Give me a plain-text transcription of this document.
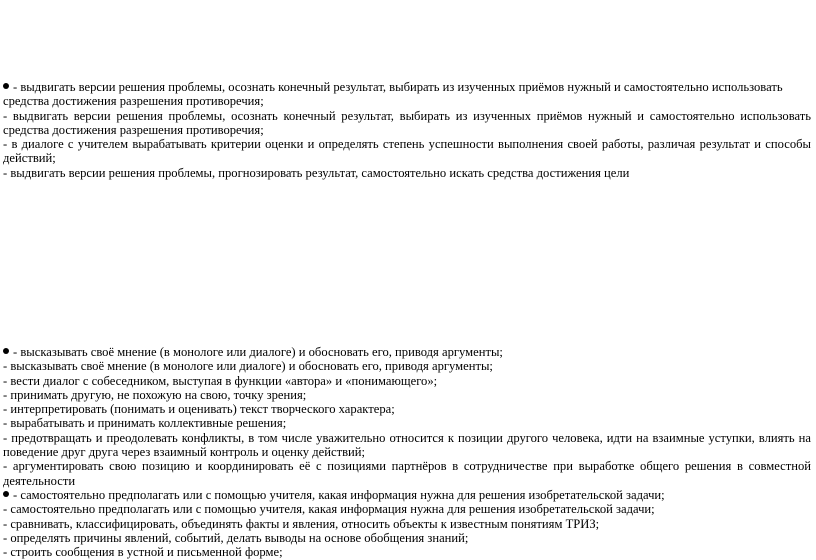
- выдвигать версии решения проблемы, осознать конечный результат, выбирать из изученных приёмов нужный и самостоятельно использовать средства достижения разрешения противоречия;

- выдвигать версии решения проблемы, осознать конечный результат, выбирать из изученных приёмов нужный и самостоятельно использовать средства достижения разрешения противоречия;

- в диалоге с учителем вырабатывать критерии оценки и определять степень успешности выполнения своей работы, различая результат и способы действий;

- выдвигать версии решения проблемы, прогнозировать результат, самостоятельно искать средства достижения цели

- высказывать своё мнение (в монологе или диалоге) и обосновать его, приводя аргументы;

- высказывать своё мнение (в монологе или диалоге) и обосновать его, приводя аргументы;

- вести диалог с собеседником, выступая в функции «автора» и «понимающего»;

- принимать другую, не похожую на свою, точку зрения;

- интерпретировать (понимать и оценивать) текст творческого характера;

- вырабатывать и принимать коллективные решения;

- предотвращать и преодолевать конфликты, в том числе уважительно относится к позиции другого человека, идти на взаимные уступки, влиять на поведение друг друга через взаимный контроль и оценку действий;

- аргументировать свою позицию и координировать её с позициями партнёров в сотрудничестве при выработке общего решения в совместной деятельности

- самостоятельно предполагать или с помощью учителя, какая информация нужна для решения изобретательской задачи;

- самостоятельно предполагать или с помощью учителя, какая информация нужна для решения изобретательской задачи;

- сравнивать, классифицировать, объединять факты и явления, относить объекты к известным понятиям ТРИЗ;

- определять причины явлений, событий, делать выводы на основе обобщения знаний;

- строить сообщения в устной и письменной форме;
